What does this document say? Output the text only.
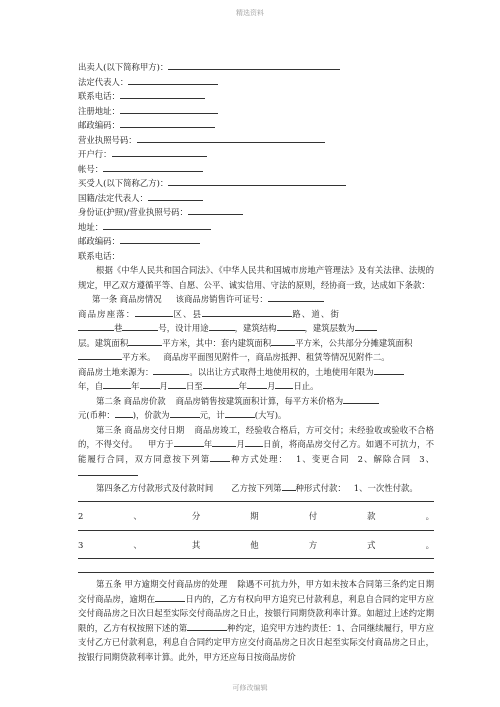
精选资料
出卖人(以下简称甲方)：
法定代表人：
联系电话：
注册地址：
邮政编码：
营业执照号码：
开户行：
帐号：
买受人(以下简称乙方)：
国籍/法定代表人：
身份证(护照)/营业执照号码：
地址：
邮政编码：
联系电话：
根据《中华人民共和国合同法》、《中华人民共和国城市房地产管理法》及有关法律、法规的规定，甲乙双方遵循平等、自愿、公平、诚实信用、守法的原则，经协商一致，达成如下条款：
第一条 商品房情况 该商品房销售许可证号：
商品房座落：	区、县	路、道、街
巷	号，设计用途	，建筑结构	，建筑层数为
层。建筑面积	平方米，其中：套内建筑面积	平方米，公共部分分摊建筑面积
平方米。 商品房平面图见附件一，商品房抵押、租赁等情况见附件二。
商品房土地来源为：	。以出让方式取得土地使用权的，土地使用年限为
年，自	年 月 日至	年 月 日止。
第二条 商品房价款 商品房销售按建筑面积计算，每平方米价格为
元(币种： )，价款为	元，计	(大写)。
第三条 商品房交付日期 商品房竣工，经验收合格后，方可交付；未经验收或验收不合格的，不得交付。 甲方于	年	月 日前，将商品房交付乙方。如遇不可抗力，不能履行合同，双方同意按下列第 种方式处理： 1、变更合同 2、解除合同 3、
第四条乙方付款形式及付款时间 乙方按下列第 种形式付款： 1、一次性付款。
2	、	分	期	付	款	。
3	、	其	他	方	式	。
第五条 甲方逾期交付商品房的处理 除遇不可抗力外，甲方如未按本合同第三条约定日期交付商品房，逾期在	日内的，乙方有权向甲方追究已付款利息，利息自合同约定甲方应交付商品房之日次日起至实际交付商品房之日止，按银行同期贷款利率计算。如超过上述约定期限的，乙方有权按照下述的第	种约定，追究甲方违约责任：1、合同继续履行，甲方应支付乙方已付款利息，利息自合同约定甲方应交付商品房之日次日起至实际交付商品房之日止，按银行同期贷款利率计算。此外，甲方还应每日按商品房价
可修改编辑
